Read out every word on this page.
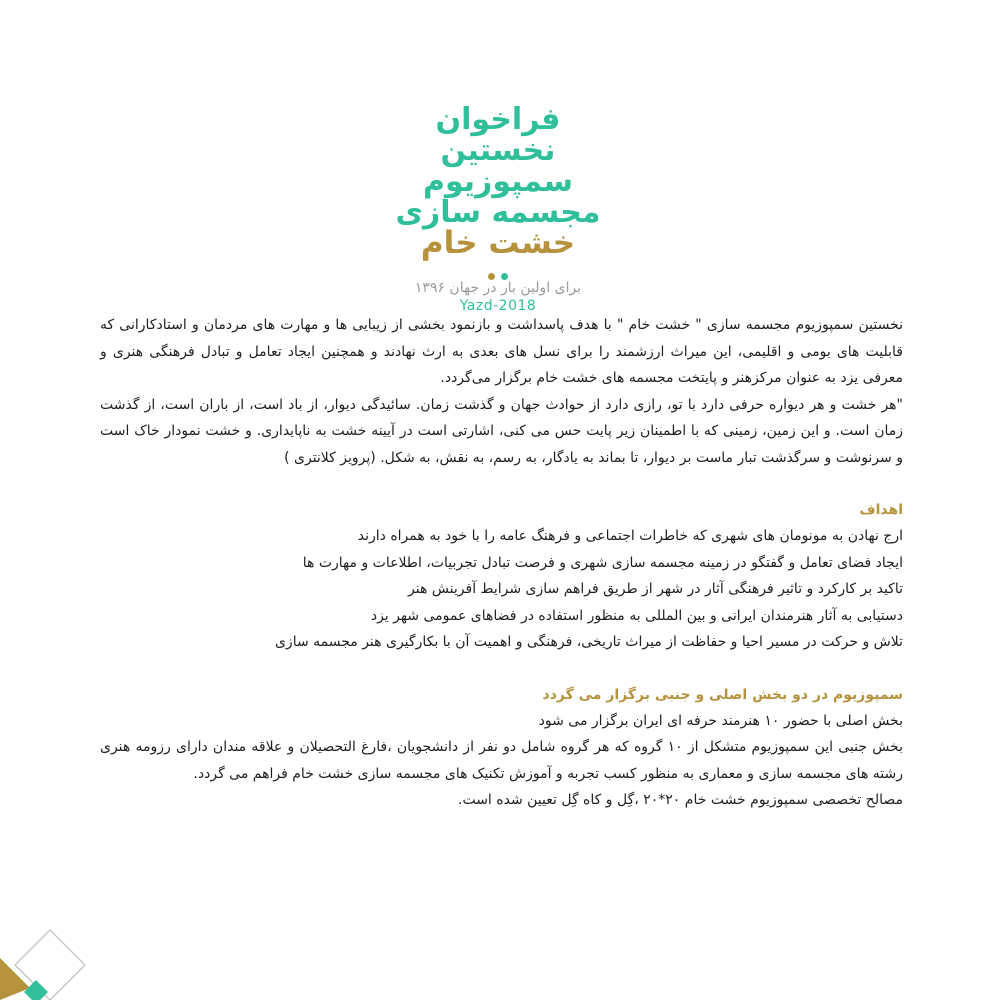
فراخوان
نخستین
سمپوزیوم
مجسمه سازی
خشت خام
برای اولین بار در جهان ۱۳۹۶
Yazd-2018

نخستین سمپوزیوم مجسمه سازی " خشت خام " با هدف پاسداشت و بازنمود بخشی از زیبایی ها و مهارت های مردمان و استادکارانی که قابلیت های بومی و اقلیمی، این میراث ارزشمند را برای نسل های بعدی به ارث نهادند و همچنین ایجاد تعامل و تبادل فرهنگی هنری و معرفی یزد به عنوان مرکزهنر و پایتخت مجسمه های خشت خام برگزار می‌گردد.

"هر خشت و هر دیواره حرفی دارد با تو، رازی دارد از حوادث جهان و گذشت زمان. سائیدگی دیوار، از باد است، از باران است، از گذشت زمان است. و این زمین، زمینی که با اطمینان زیر پایت حس می کنی، اشارتی است در آیینه خشت به ناپایداری. و خشت نمودار خاک است و سرنوشت و سرگذشت تبار ماست بر دیوار، تا بماند به یادگار، به رسم، به نقش، به شکل. (پرویز کلانتری )

اهداف
ارج نهادن به مونومان های شهری که خاطرات اجتماعی و فرهنگ عامه را با خود به همراه دارند
ایجاد فضای تعامل و گفتگو در زمینه مجسمه سازی شهری و فرصت تبادل تجربیات، اطلاعات و مهارت ها
تاکید بر کارکرد و تاثیر فرهنگی آثار در شهر از طریق فراهم سازی شرایط آفرینش هنر
دستیابی به آثار هنرمندان ایرانی و بین المللی به منظور استفاده در فضاهای عمومی شهر یزد
تلاش و حرکت در مسیر احیا و حفاظت از میراث تاریخی، فرهنگی و اهمیت آن با بکارگیری هنر مجسمه سازی
سمپوزیوم در دو بخش اصلی و جنبی برگزار می گردد
بخش اصلی با حضور ۱۰ هنرمند حرفه ای ایران برگزار می شود

بخش جنبی این سمپوزیوم متشکل از ۱۰ گروه که هر گروه شامل دو نفر از دانشجویان ،فارغ التحصیلان و علاقه مندان دارای رزومه هنری رشته های مجسمه سازی و معماری به منظور کسب تجربه و آموزش تکنیک های مجسمه سازی خشت خام فراهم می گردد.

مصالح تخصصی سمپوزیوم خشت خام ۲۰*۲۰ ،گِل و کاه گِل تعیین شده است.
